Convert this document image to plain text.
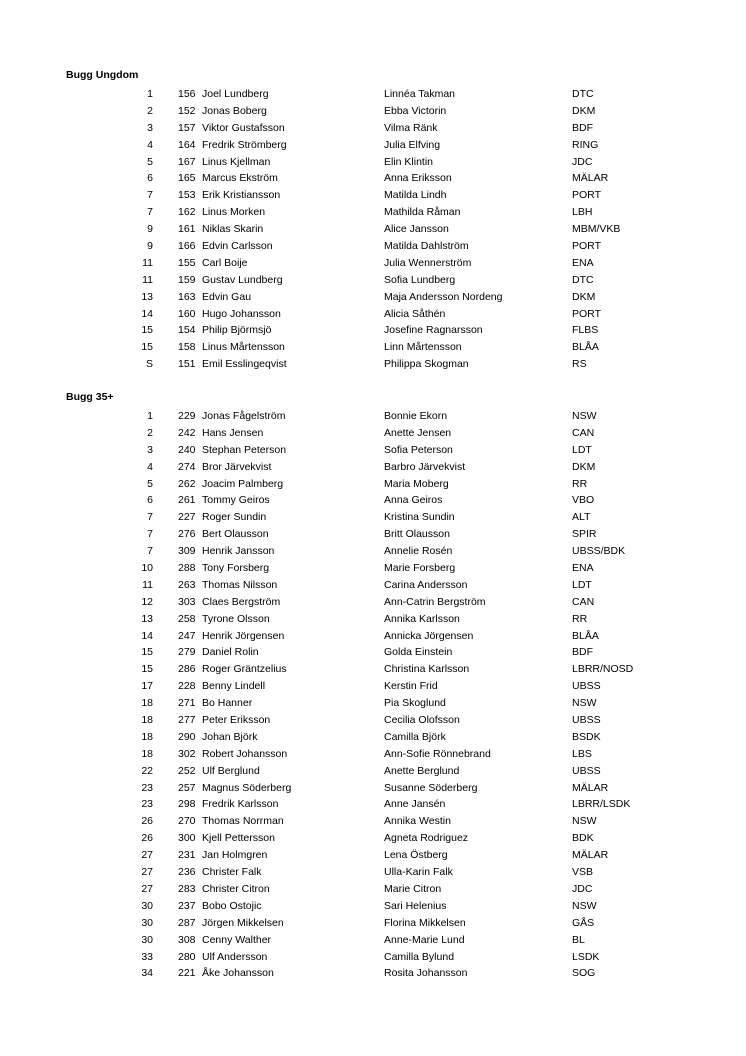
Bugg Ungdom
1 156 Joel Lundberg	Linnéa Takman	DTC
2 152 Jonas Boberg	Ebba Victorin	DKM
3 157 Viktor Gustafsson	Vilma Ränk	BDF
4 164 Fredrik Strömberg	Julia Elfving	RING
5 167 Linus Kjellman	Elin Klintin	JDC
6 165 Marcus Ekström	Anna Eriksson	MÄLAR
7 153 Erik Kristiansson	Matilda Lindh	PORT
7 162 Linus Morken	Mathilda Råman	LBH
9 161 Niklas Skarin	Alice Jansson	MBM/VKB
9 166 Edvin Carlsson	Matilda Dahlström	PORT
11 155 Carl Boije	Julia Wennerström	ENA
11 159 Gustav Lundberg	Sofia Lundberg	DTC
13 163 Edvin Gau	Maja Andersson Nordeng	DKM
14 160 Hugo Johansson	Alicia Såthén	PORT
15 154 Philip Björmsjö	Josefine Ragnarsson	FLBS
15 158 Linus Mårtensson	Linn Mårtensson	BLÅA
S 151 Emil Esslingeqvist	Philippa Skogman	RS
Bugg 35+
1 229 Jonas Fågelström	Bonnie Ekorn	NSW
2 242 Hans Jensen	Anette Jensen	CAN
3 240 Stephan Peterson	Sofia Peterson	LDT
4 274 Bror Järvekvist	Barbro Järvekvist	DKM
5 262 Joacim Palmberg	Maria Moberg	RR
6 261 Tommy Geiros	Anna Geiros	VBO
7 227 Roger Sundin	Kristina Sundin	ALT
7 276 Bert Olausson	Britt Olausson	SPIR
7 309 Henrik Jansson	Annelie Rosén	UBSS/BDK
10 288 Tony Forsberg	Marie Forsberg	ENA
11 263 Thomas Nilsson	Carina Andersson	LDT
12 303 Claes Bergström	Ann-Catrin Bergström	CAN
13 258 Tyrone Olsson	Annika Karlsson	RR
14 247 Henrik Jörgensen	Annicka Jörgensen	BLÅA
15 279 Daniel Rolin	Golda Einstein	BDF
15 286 Roger Gräntzelius	Christina Karlsson	LBRR/NOSD
17 228 Benny Lindell	Kerstin Frid	UBSS
18 271 Bo Hanner	Pia Skoglund	NSW
18 277 Peter Eriksson	Cecilia Olofsson	UBSS
18 290 Johan Björk	Camilla Björk	BSDK
18 302 Robert Johansson	Ann-Sofie Rönnebrand	LBS
22 252 Ulf Berglund	Anette Berglund	UBSS
23 257 Magnus Söderberg	Susanne Söderberg	MÄLAR
23 298 Fredrik Karlsson	Anne Jansén	LBRR/LSDK
26 270 Thomas Norrman	Annika Westin	NSW
26 300 Kjell Pettersson	Agneta Rodriguez	BDK
27 231 Jan Holmgren	Lena Östberg	MÄLAR
27 236 Christer Falk	Ulla-Karin Falk	VSB
27 283 Christer Citron	Marie Citron	JDC
30 237 Bobo Ostojic	Sari Helenius	NSW
30 287 Jörgen Mikkelsen	Florina Mikkelsen	GÅS
30 308 Cenny Walther	Anne-Marie Lund	BL
33 280 Ulf Andersson	Camilla Bylund	LSDK
34 221 Åke Johansson	Rosita Johansson	SOG
